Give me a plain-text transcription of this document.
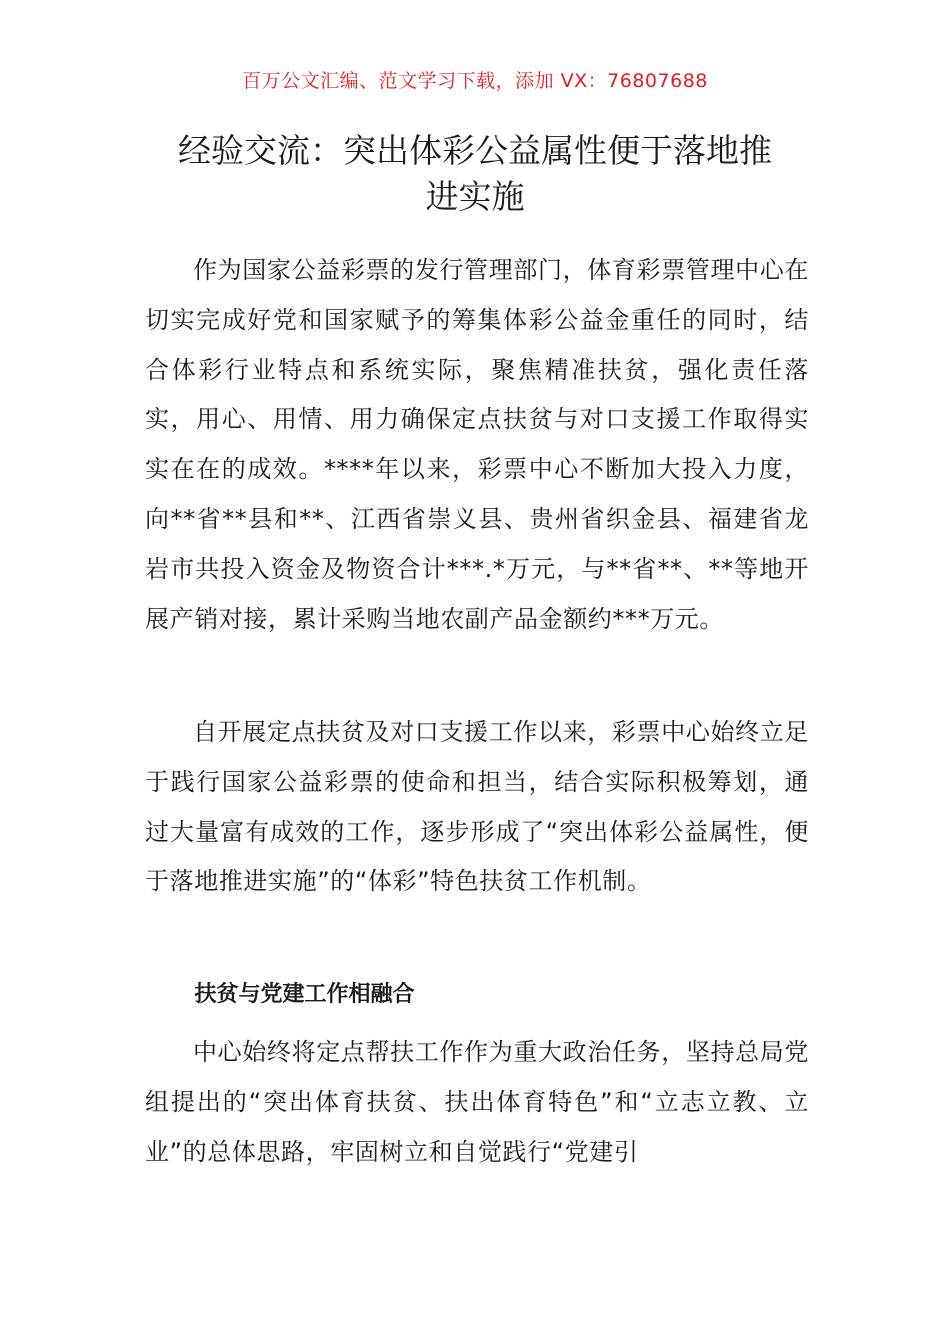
百万公文汇编、范文学习下载，添加 VX：76807688
经验交流：突出体彩公益属性便于落地推
进实施

作为国家公益彩票的发行管理部门，体育彩票管理中心在切实完成好党和国家赋予的筹集体彩公益金重任的同时，结合体彩行业特点和系统实际，聚焦精准扶贫，强化责任落实，用心、用情、用力确保定点扶贫与对口支援工作取得实实在在的成效。****年以来，彩票中心不断加大投入力度，向**省**县和**、江西省崇义县、贵州省织金县、福建省龙岩市共投入资金及物资合计***.*万元，与**省**、**等地开展产销对接，累计采购当地农副产品金额约***万元。

自开展定点扶贫及对口支援工作以来，彩票中心始终立足于践行国家公益彩票的使命和担当，结合实际积极筹划，通过大量富有成效的工作，逐步形成了“突出体彩公益属性，便于落地推进实施”的“体彩”特色扶贫工作机制。

扶贫与党建工作相融合

中心始终将定点帮扶工作作为重大政治任务，坚持总局党组提出的“突出体育扶贫、扶出体育特色”和“立志立教、立业”的总体思路，牢固树立和自觉践行“党建引
